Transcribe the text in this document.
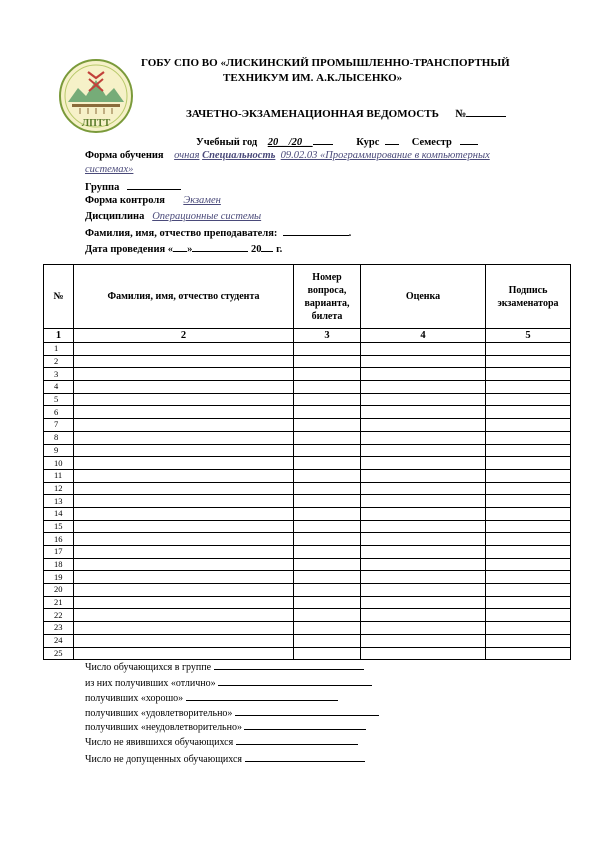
ЛПТТ
ГОБУ СПО ВО «ЛИСКИНСКИЙ ПРОМЫШЛЕННО-ТРАНСПОРТНЫЙ
ТЕХНИКУМ ИМ. А.К.ЛЫСЕНКО»
ЗАЧЕТНО-ЭКЗАМЕНАЦИОННАЯ ВЕДОМОСТЬ №
Учебный год 20__/20__	Курс	Семестр
Форма обучения очная Специальность 09.02.03 «Программирование в компьютерных
системах»
Группа
Форма контроля Экзамен
Дисциплина Операционные системы
Фамилия, имя, отчество преподавателя:	.
Дата проведения « »	20 г.
№	Фамилия, имя, отчество студента	Номер вопроса, варианта, билета	Оценка	Подпись экзаменатора
1	2	3	4	5
1				
2				
3				
4				
5				
6				
7				
8				
9				
10				
11				
12				
13				
14				
15				
16				
17				
18				
19				
20				
21				
22				
23				
24				
25				
Число обучающихся в группе
из них получивших «отлично»
получивших «хорошо»
получивших «удовлетворительно»
получивших «неудовлетворительно»
Число не явившихся обучающихся
Число не допущенных обучающихся
